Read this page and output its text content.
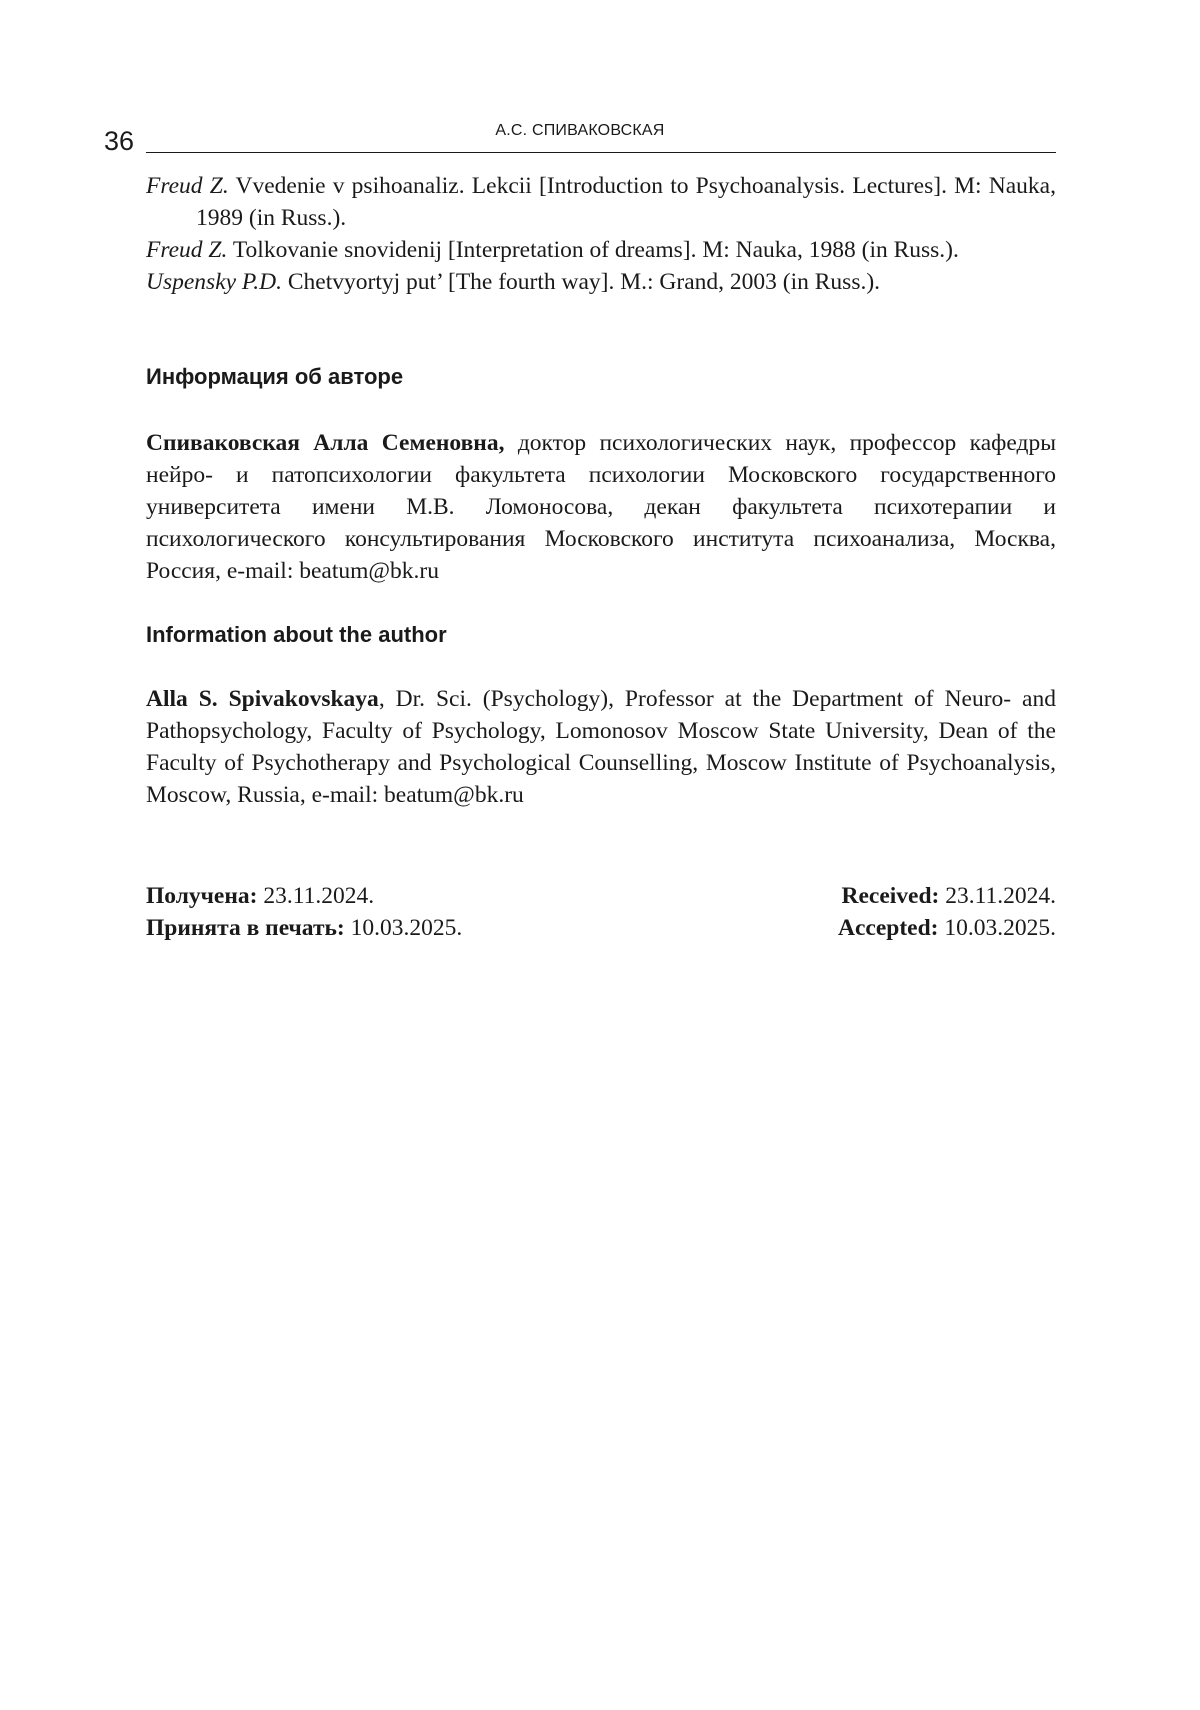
36	А.С. СПИВАКОВСКАЯ
Freud Z. Vvedenie v psihoanaliz. Lekcii [Introduction to Psychoanalysis. Lectures]. M: Nauka, 1989 (in Russ.).
Freud Z. Tolkovanie snovidenij [Interpretation of dreams]. M: Nauka, 1988 (in Russ.).
Uspensky P.D. Chetvyortyj put’ [The fourth way]. M.: Grand, 2003 (in Russ.).
Информация об авторе

Спиваковская Алла Семеновна, доктор психологических наук, профессор кафедры нейро- и патопсихологии факультета психологии Московского государственного университета имени М.В. Ломоносова, декан факультета психотерапии и психологического консультирования Московского института психоанализа, Москва, Россия, e-mail: beatum@bk.ru

Information about the author

Alla S. Spivakovskaya, Dr. Sci. (Psychology), Professor at the Department of Neuro- and Pathopsychology, Faculty of Psychology, Lomonosov Moscow State University, Dean of the Faculty of Psychotherapy and Psychological Counselling, Moscow Institute of Psychoanalysis, Moscow, Russia, e-mail: beatum@bk.ru

Получена: 23.11.2024.
Принята в печать: 10.03.2025.
Received: 23.11.2024.
Accepted: 10.03.2025.
